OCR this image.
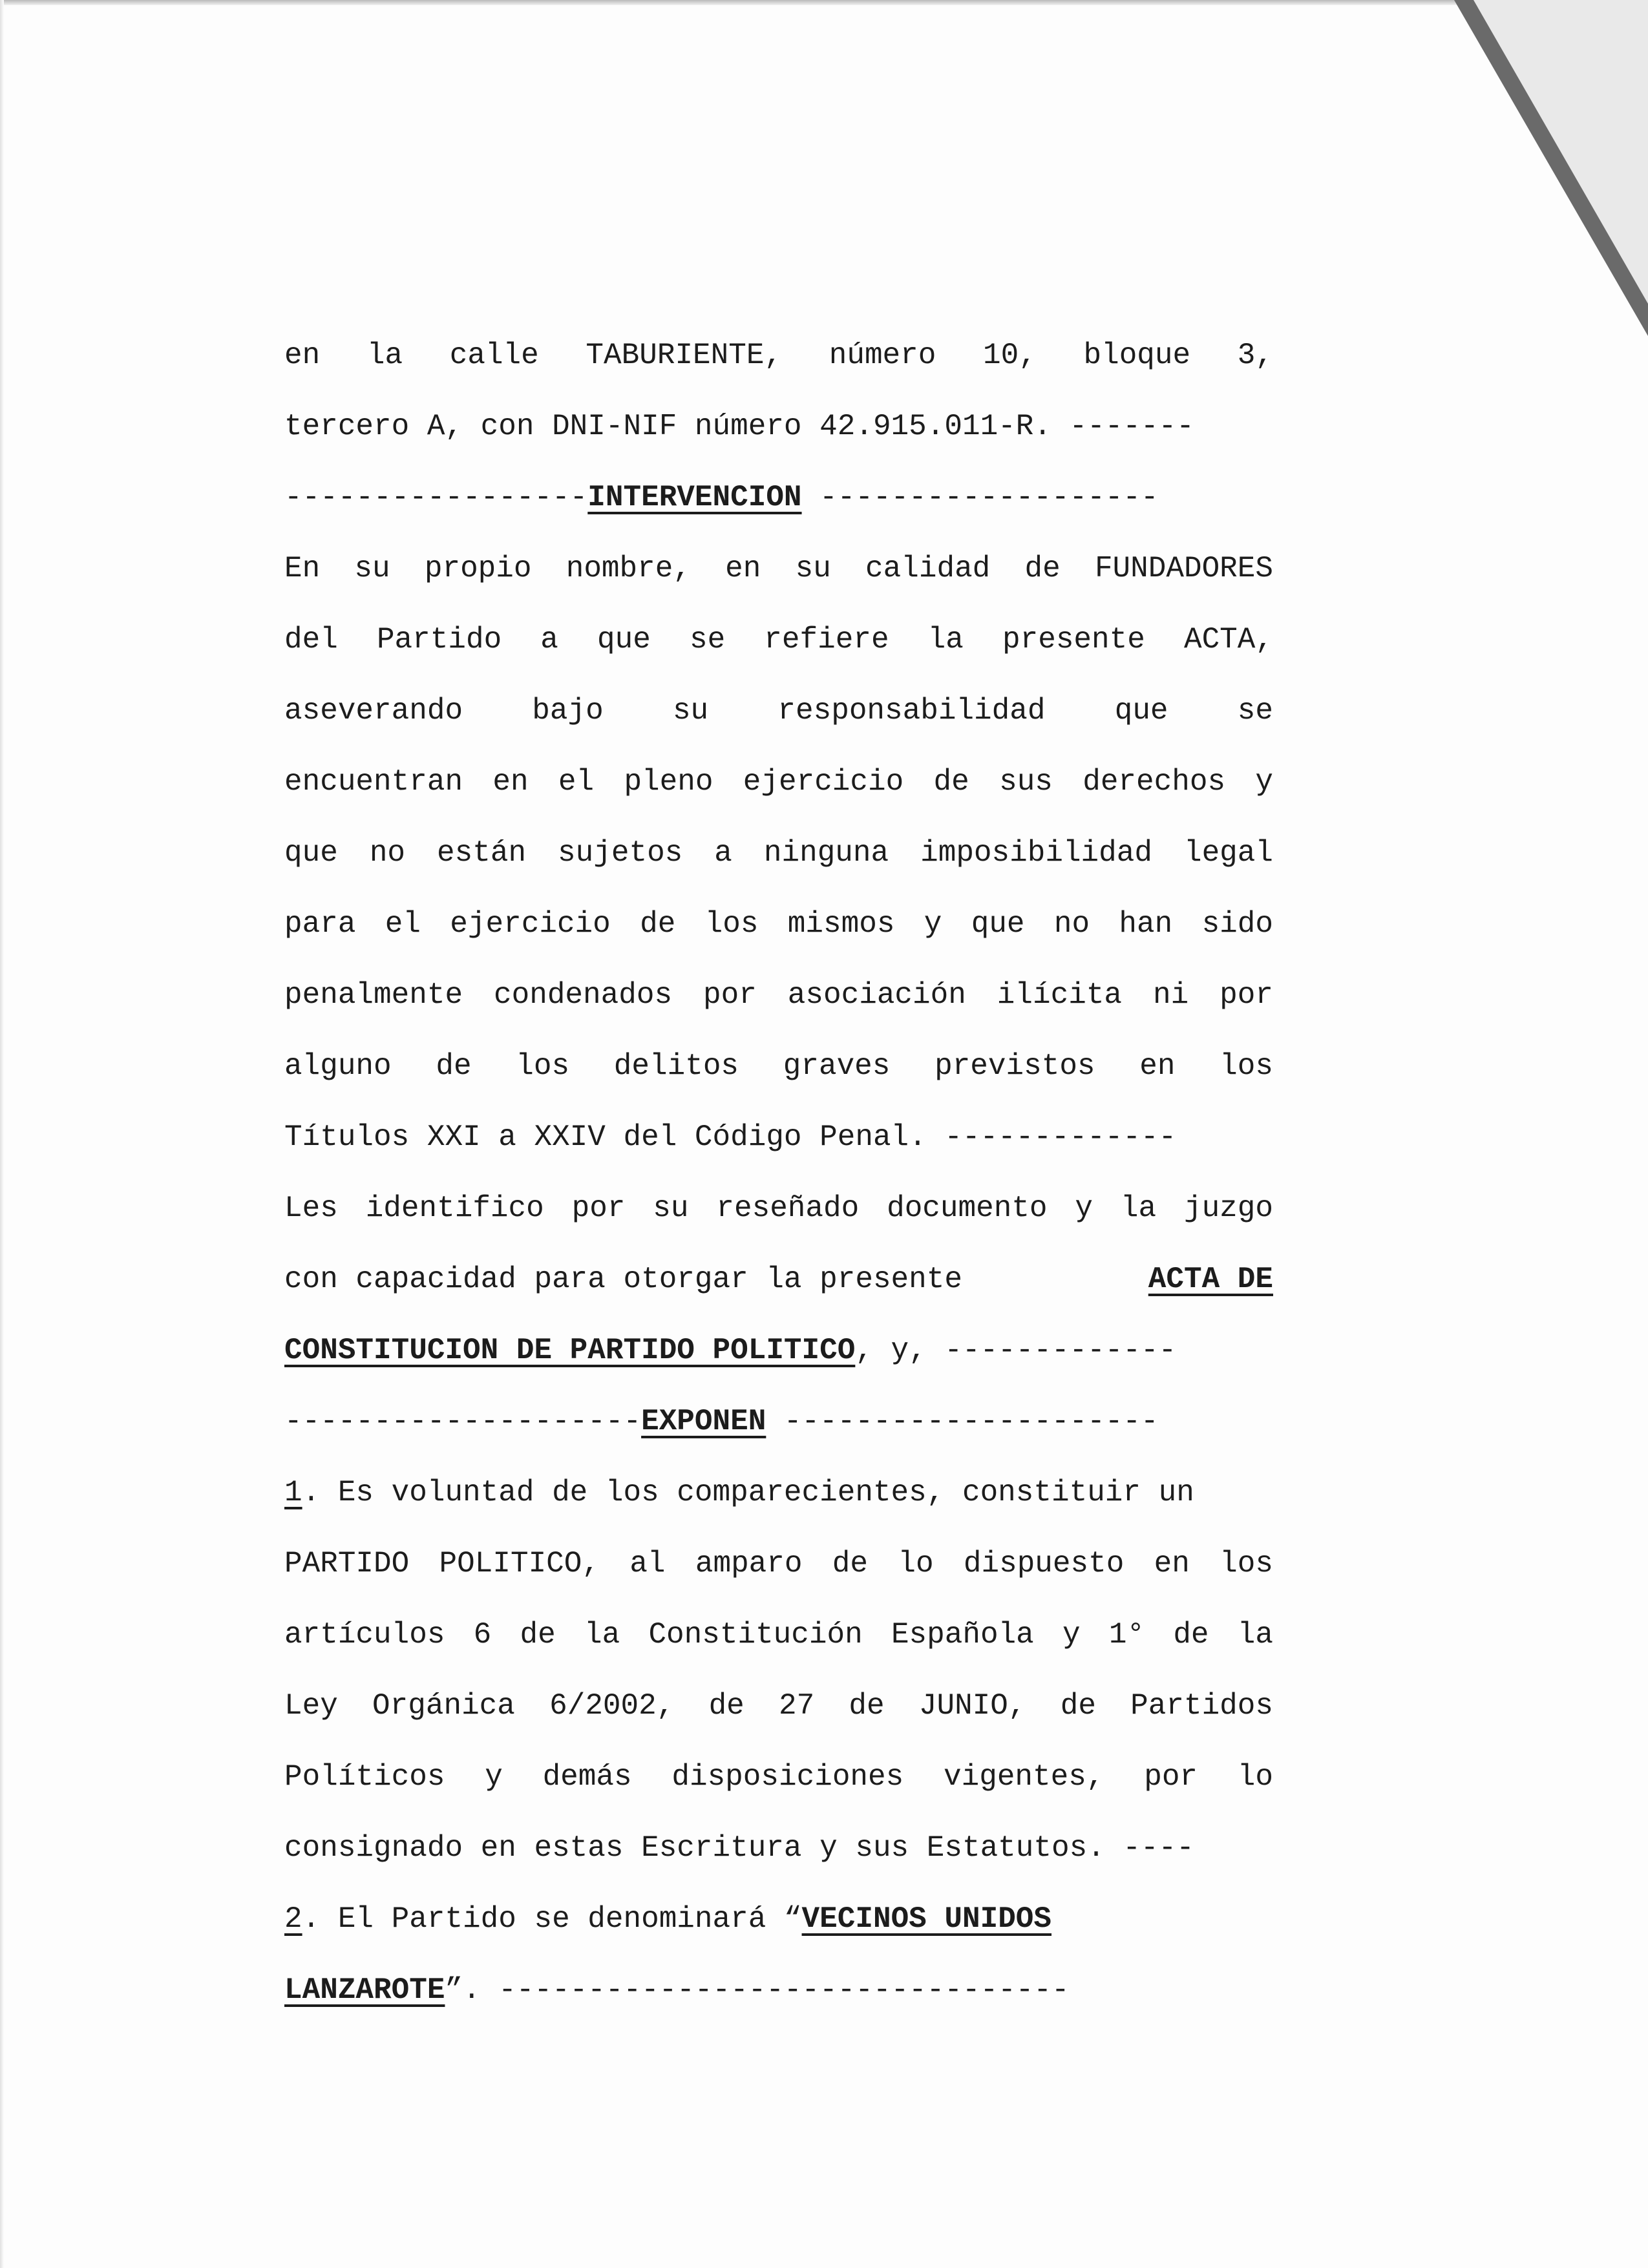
en la calle TABURIENTE, número 10, bloque 3,
tercero A, con DNI-NIF número 42.915.011-R. -------
-----------------INTERVENCION -------------------
En su propio nombre, en su calidad de FUNDADORES
del Partido a que se refiere la presente ACTA,
aseverando bajo su responsabilidad que se
encuentran en el pleno ejercicio de sus derechos y
que no están sujetos a ninguna imposibilidad legal
para el ejercicio de los mismos y que no han sido
penalmente condenados por asociación ilícita ni por
alguno de los delitos graves previstos en los
Títulos XXI a XXIV del Código Penal. -------------
Les identifico por su reseñado documento y la juzgo
con capacidad para otorgar la presente	ACTA DE
CONSTITUCION DE PARTIDO POLITICO, y, -------------
--------------------EXPONEN ---------------------
1. Es voluntad de los comparecientes, constituir un
PARTIDO POLITICO, al amparo de lo dispuesto en los
artículos 6 de la Constitución Española y 1° de la
Ley Orgánica 6/2002, de 27 de JUNIO, de Partidos
Políticos y demás disposiciones vigentes, por lo
consignado en estas Escritura y sus Estatutos. ----
2. El Partido se denominará “VECINOS UNIDOS
LANZAROTE”. --------------------------------
